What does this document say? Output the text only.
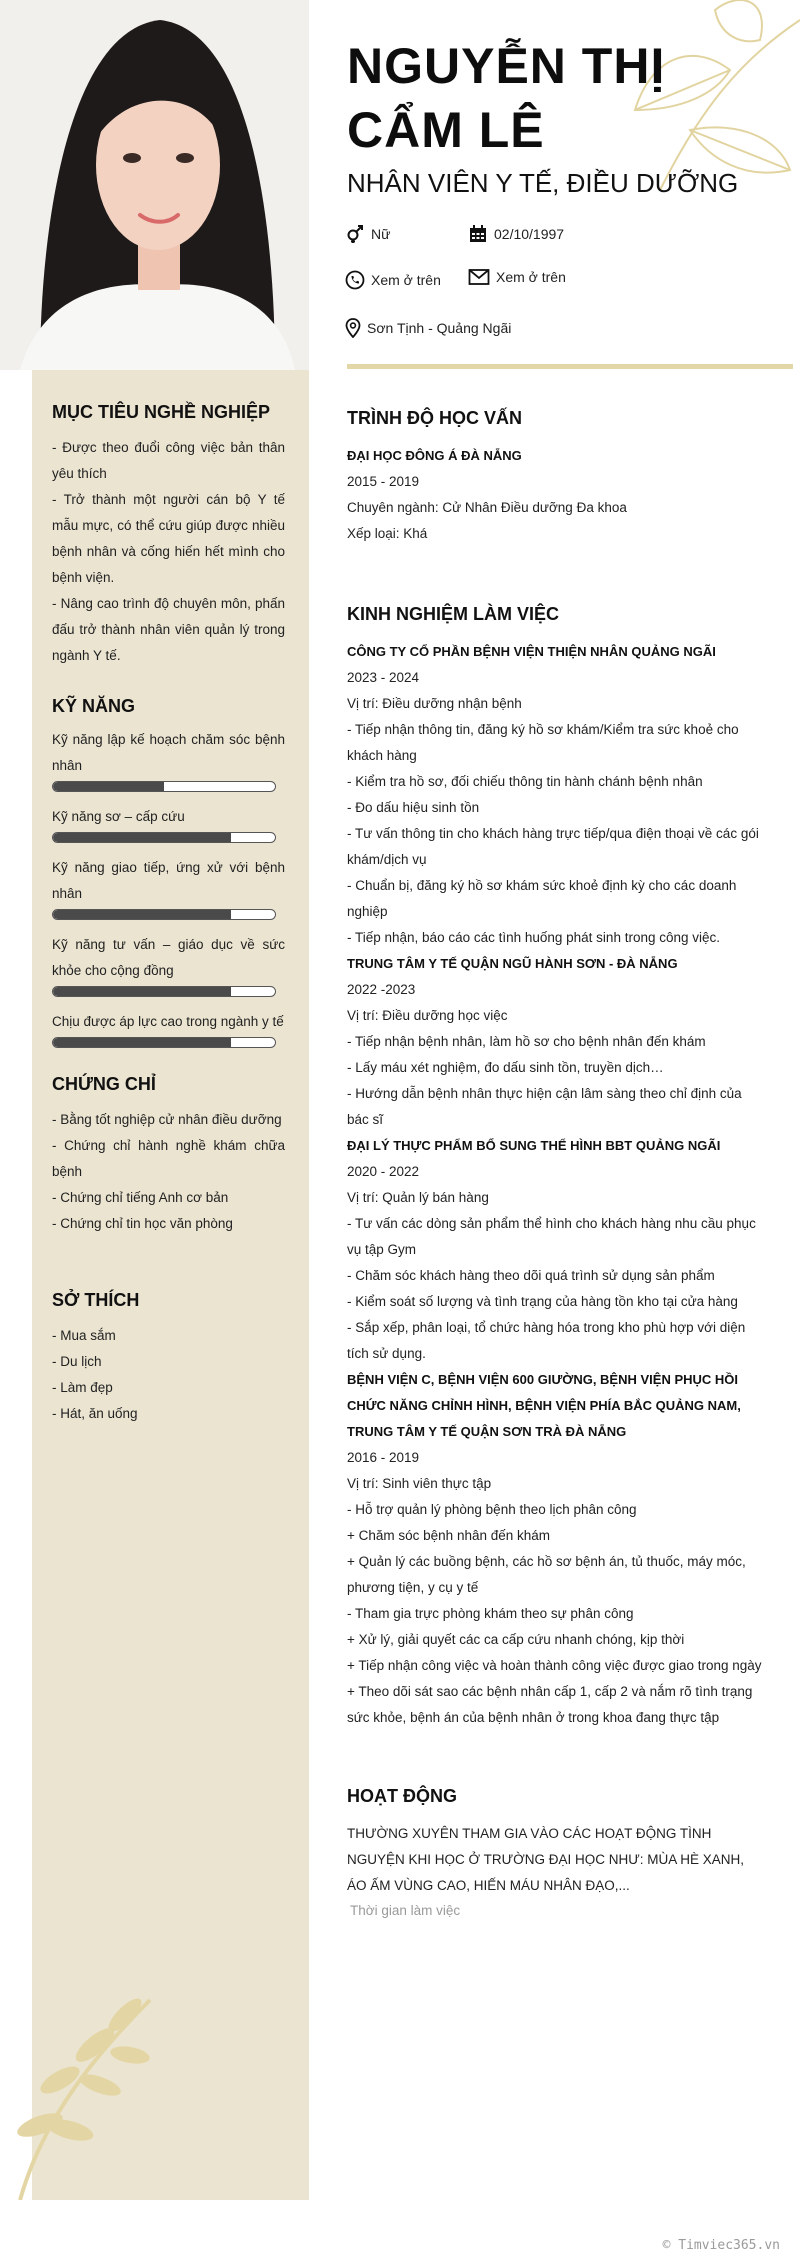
NGUYỄN THỊ
CẨM LÊ
NHÂN VIÊN Y TẾ, ĐIỀU DƯỠNG
Nữ	02/10/1997
Xem ở trên	Xem ở trên
Sơn Tịnh - Quảng Ngãi
MỤC TIÊU NGHỀ NGHIỆP
- Được theo đuổi công việc bản thân yêu thích
- Trở thành một người cán bộ Y tế mẫu mực, có thể cứu giúp được nhiều bệnh nhân và cống hiến hết mình cho bệnh viện.
- Nâng cao trình độ chuyên môn, phấn đấu trở thành nhân viên quản lý trong ngành Y tế.
KỸ NĂNG
Kỹ năng lập kế hoạch chăm sóc bệnh nhân
Kỹ năng sơ – cấp cứu
Kỹ năng giao tiếp, ứng xử với bệnh nhân
Kỹ năng tư vấn – giáo dục về sức khỏe cho cộng đồng
Chịu được áp lực cao trong ngành y tế
CHỨNG CHỈ
- Bằng tốt nghiệp cử nhân điều dưỡng
- Chứng chỉ hành nghề khám chữa bệnh
- Chứng chỉ tiếng Anh cơ bản
- Chứng chỉ tin học văn phòng
SỞ THÍCH
- Mua sắm
- Du lịch
- Làm đẹp
- Hát, ăn uống
TRÌNH ĐỘ HỌC VẤN
ĐẠI HỌC ĐÔNG Á ĐÀ NẴNG
2015 - 2019
Chuyên ngành: Cử Nhân Điều dưỡng Đa khoa
Xếp loại: Khá
KINH NGHIỆM LÀM VIỆC
CÔNG TY CỔ PHẦN BỆNH VIỆN THIỆN NHÂN QUẢNG NGÃI
2023 - 2024
Vị trí: Điều dưỡng nhận bệnh
- Tiếp nhận thông tin, đăng ký hồ sơ khám/Kiểm tra sức khoẻ cho khách hàng
- Kiểm tra hồ sơ, đối chiếu thông tin hành chánh bệnh nhân
- Đo dấu hiệu sinh tồn
- Tư vấn thông tin cho khách hàng trực tiếp/qua điện thoại về các gói khám/dịch vụ
- Chuẩn bị, đăng ký hồ sơ khám sức khoẻ định kỳ cho các doanh nghiệp
- Tiếp nhận, báo cáo các tình huống phát sinh trong công việc.
TRUNG TÂM Y TẾ QUẬN NGŨ HÀNH SƠN - ĐÀ NẴNG
2022 -2023
Vị trí: Điều dưỡng học việc
- Tiếp nhận bệnh nhân, làm hồ sơ cho bệnh nhân đến khám
- Lấy máu xét nghiệm, đo dấu sinh tồn, truyền dịch…
- Hướng dẫn bệnh nhân thực hiện cận lâm sàng theo chỉ định của bác sĩ
ĐẠI LÝ THỰC PHẨM BỔ SUNG THỂ HÌNH BBT QUẢNG NGÃI
2020 - 2022
Vị trí: Quản lý bán hàng
- Tư vấn các dòng sản phẩm thể hình cho khách hàng nhu cầu phục vụ tập Gym
- Chăm sóc khách hàng theo dõi quá trình sử dụng sản phẩm
- Kiểm soát số lượng và tình trạng của hàng tồn kho tại cửa hàng
- Sắp xếp, phân loại, tổ chức hàng hóa trong kho phù hợp với diện tích sử dụng.
BỆNH VIỆN C, BỆNH VIỆN 600 GIƯỜNG, BỆNH VIỆN PHỤC HỒI CHỨC NĂNG CHỈNH HÌNH, BỆNH VIỆN PHÍA BẮC QUẢNG NAM, TRUNG TÂM Y TẾ QUẬN SƠN TRÀ ĐÀ NẴNG
2016 - 2019
Vị trí: Sinh viên thực tập
- Hỗ trợ quản lý phòng bệnh theo lịch phân công
+ Chăm sóc bệnh nhân đến khám
+ Quản lý các buồng bệnh, các hồ sơ bệnh án, tủ thuốc, máy móc, phương tiện, y cụ y tế
- Tham gia trực phòng khám theo sự phân công
+ Xử lý, giải quyết các ca cấp cứu nhanh chóng, kịp thời
+ Tiếp nhận công việc và hoàn thành công việc được giao trong ngày
+ Theo dõi sát sao các bệnh nhân cấp 1, cấp 2 và nắm rõ tình trạng sức khỏe, bệnh án của bệnh nhân ở trong khoa đang thực tập
HOẠT ĐỘNG
THƯỜNG XUYÊN THAM GIA VÀO CÁC HOẠT ĐỘNG TÌNH NGUYỆN KHI HỌC Ở TRƯỜNG ĐẠI HỌC NHƯ: MÙA HÈ XANH, ÁO ẤM VÙNG CAO, HIẾN MÁU NHÂN ĐẠO,...
Thời gian làm việc
© Timviec365.vn
